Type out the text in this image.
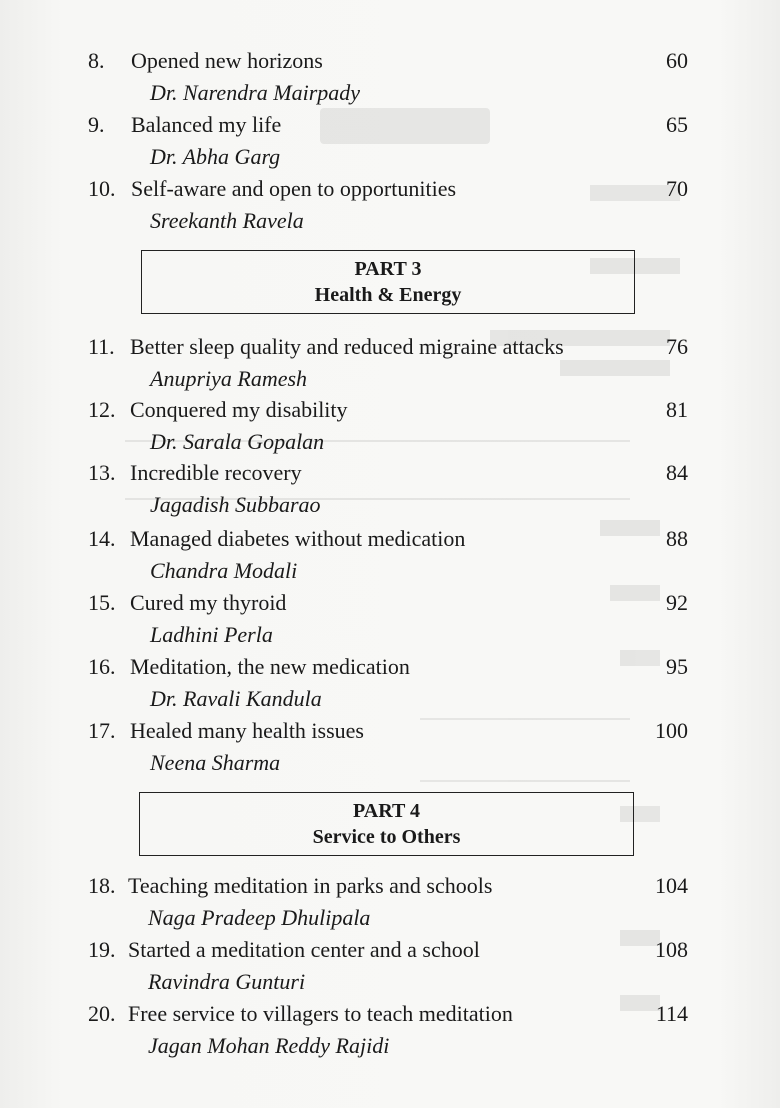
8. Opened new horizons	60
Dr. Narendra Mairpady
9. Balanced my life	65
Dr. Abha Garg
10. Self-aware and open to opportunities	70
Sreekanth Ravela
PART 3
Health & Energy
11. Better sleep quality and reduced migraine attacks	76
Anupriya Ramesh
12. Conquered my disability	81
Dr. Sarala Gopalan
13. Incredible recovery	84
Jagadish Subbarao
14. Managed diabetes without medication	88
Chandra Modali
15. Cured my thyroid	92
Ladhini Perla
16. Meditation, the new medication	95
Dr. Ravali Kandula
17. Healed many health issues	100
Neena Sharma
PART 4
Service to Others
18. Teaching meditation in parks and schools	104
Naga Pradeep Dhulipala
19. Started a meditation center and a school	108
Ravindra Gunturi
20. Free service to villagers to teach meditation	114
Jagan Mohan Reddy Rajidi
